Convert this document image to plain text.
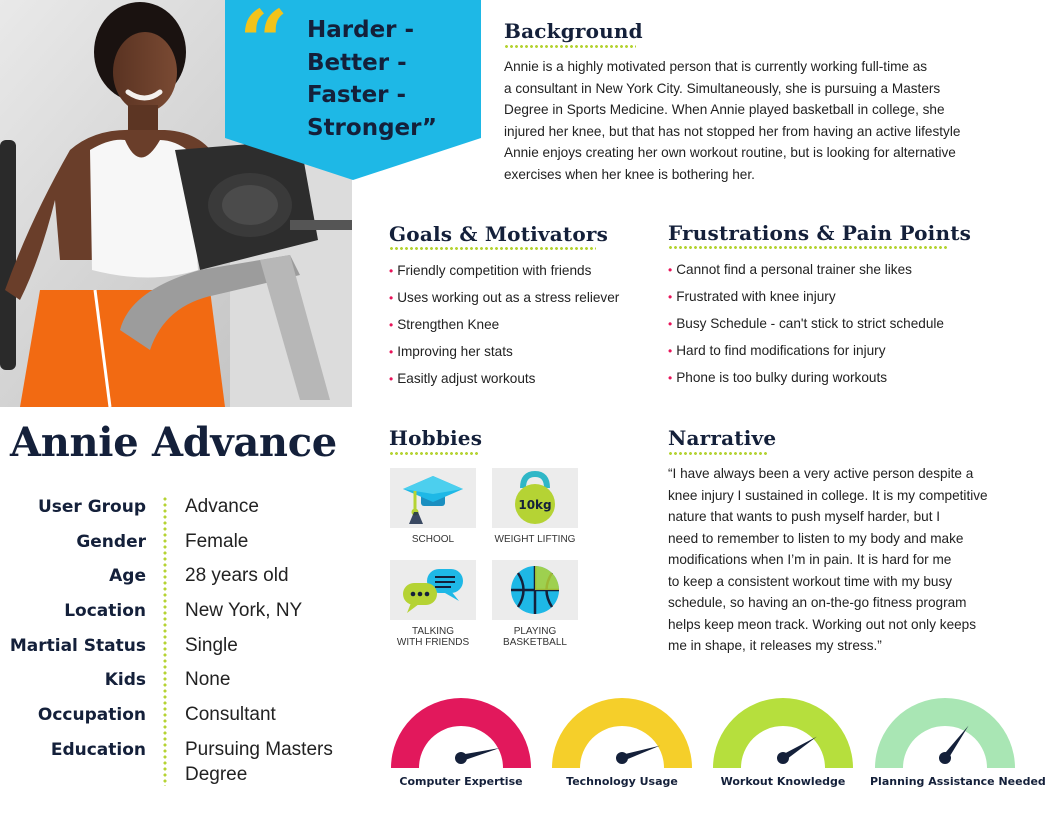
“ Harder -
Better -
Faster -
Stronger”
Background
Annie is a highly motivated person that is currently working full-time as
a consultant in New York City. Simultaneously, she is pursuing a Masters
Degree in Sports Medicine. When Annie played basketball in college, she
injured her knee, but that has not stopped her from having an active lifestyle
Annie enjoys creating her own workout routine, but is looking for alternative
exercises when her knee is bothering her.
Goals & Motivators
• Friendly competition with friends
• Uses working out as a stress reliever
• Strengthen Knee
• Improving her stats
• Easitly adjust workouts
Frustrations & Pain Points
• Cannot find a personal trainer she likes
• Frustrated with knee injury
• Busy Schedule - can't stick to strict schedule
• Hard to find modifications for injury
• Phone is too bulky during workouts
Annie Advance
User Group Advance
Gender Female
Age 28 years old
Location New York, NY
Martial Status Single
Kids None
Occupation Consultant
Education Pursuing Masters
Degree
Hobbies
SCHOOL
10kg
WEIGHT LIFTING
TALKING
WITH FRIENDS
PLAYING
BASKETBALL
Narrative
“I have always been a very active person despite a
knee injury I sustained in college. It is my competitive
nature that wants to push myself harder, but I
need to remember to listen to my body and make
modifications when I’m in pain. It is hard for me
to keep a consistent workout time with my busy
schedule, so having an on-the-go fitness program
helps keep meon track. Working out not only keeps
me in shape, it releases my stress.”
Computer Expertise	Technology Usage	Workout Knowledge	Planning Assistance Needed
